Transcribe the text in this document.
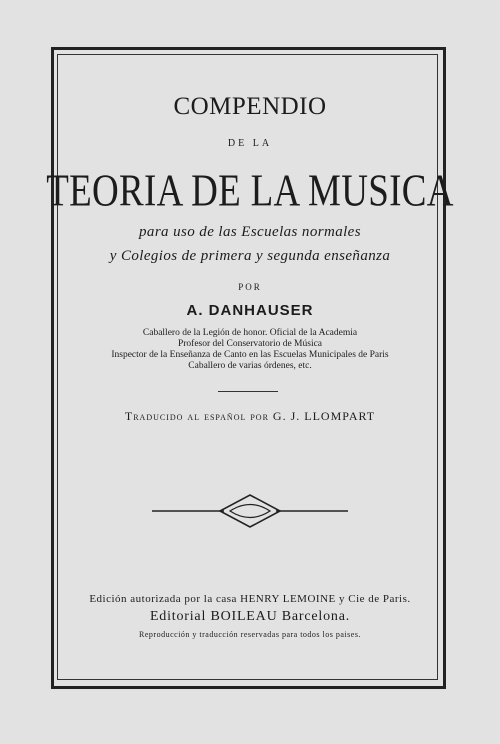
COMPENDIO
DE LA
TEORIA DE LA MUSICA
para uso de las Escuelas normales
y Colegios de primera y segunda enseñanza
POR
A. DANHAUSER
Caballero de la Legión de honor. Oficial de la Academia
Profesor del Conservatorio de Música
Inspector de la Enseñanza de Canto en las Escuelas Municipales de Paris
Caballero de varias órdenes, etc.
Traducido al español por G. J. LLOMPART
Edición autorizada por la casa HENRY LEMOINE y Cie de Paris.
Editorial BOILEAU Barcelona.
Reproducción y traducción reservadas para todos los paises.
